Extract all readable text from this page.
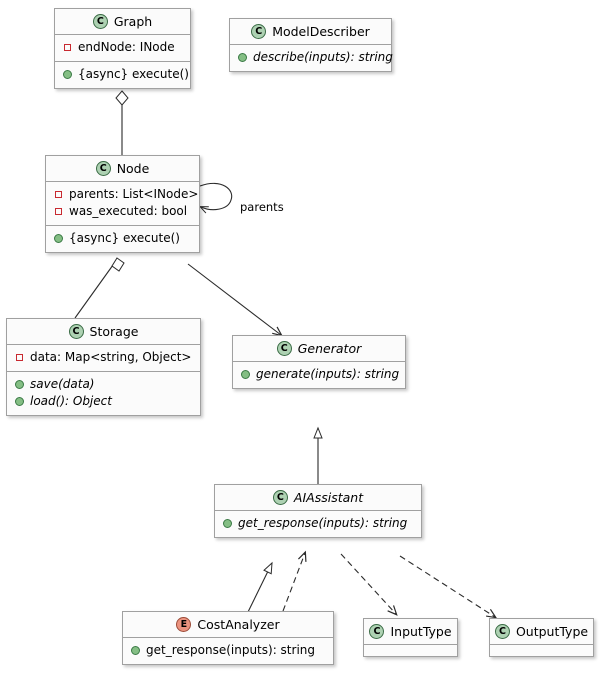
C Graph
endNode: INode
{async} execute()
C ModelDescriber
describe(inputs): string
C Node
parents: List<INode>
was_executed: bool
{async} execute()
parents
C Storage
data: Map<string, Object>
save(data)
load(): Object
C Generator
generate(inputs): string
C AIAssistant
get_response(inputs): string
E CostAnalyzer
get_response(inputs): string
C InputType	C OutputType
